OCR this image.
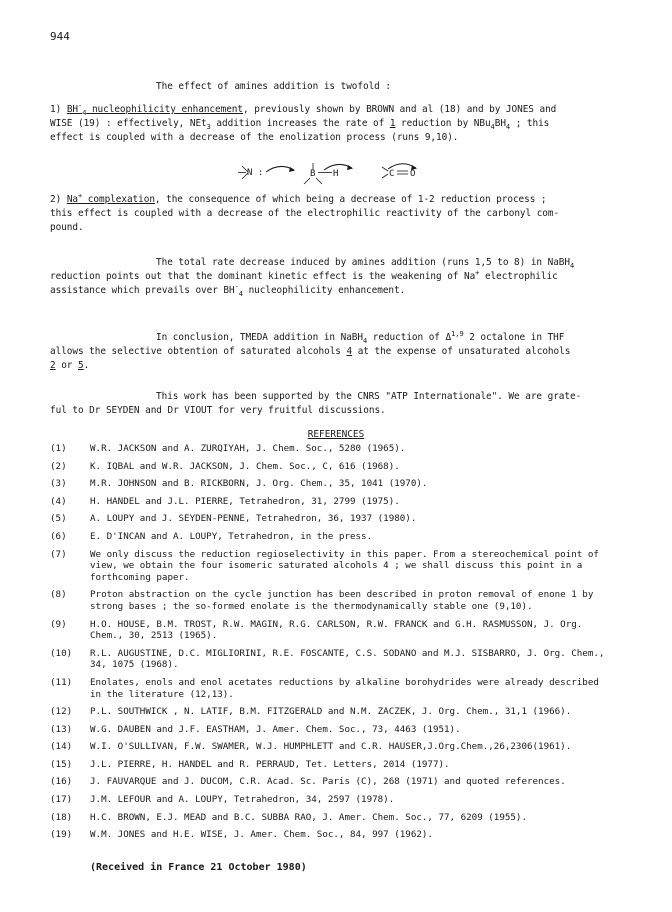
944

The effect of amines addition is twofold :

1) $BH^-_4$ nucleophilicity enhancement, previously shown by BROWN and al (18) and by JONES and
WISE (19) : effectively, NEt$_3$ addition increases the rate of 1 reduction by $NBu_4BH_4$ ; this
effect is coupled with a decrease of the enolization process (runs 9,10).
N :	B H	C O
2) Na+ complexation, the consequence of which being a decrease of 1-2 reduction process ;
this effect is coupled with a decrease of the electrophilic reactivity of the carbonyl com-
pound.
The total rate decrease induced by amines addition (runs 1,5 to 8) in NaBH$_4$
reduction points out that the dominant kinetic effect is the weakening of Na+ electrophilic
assistance which prevails over $BH^-_4$ nucleophilicity enhancement.
In conclusion, TMEDA addition in NaBH$_4$ reduction of Δ$^{1,9}$ 2 octalone in THF
allows the selective obtention of saturated alcohols 4 at the expense of unsaturated alcohols
2 or 5.
This work has been supported by the CNRS "ATP Internationale". We are grate-
ful to Dr SEYDEN and Dr VIOUT for very fruitful discussions.
REFERENCES
(1)	W.R. JACKSON and A. ZURQIYAH, J. Chem. Soc., 5280 (1965).
(2)	K. IQBAL and W.R. JACKSON, J. Chem. Soc., C, 616 (1968).
(3)	M.R. JOHNSON and B. RICKBORN, J. Org. Chem., 35, 1041 (1970).
(4)	H. HANDEL and J.L. PIERRE, Tetrahedron, 31, 2799 (1975).
(5)	A. LOUPY and J. SEYDEN-PENNE, Tetrahedron, 36, 1937 (1980).
(6)	E. D'INCAN and A. LOUPY, Tetrahedron, in the press.
(7)	We only discuss the reduction regioselectivity in this paper. From a stereochemical point of view, we obtain the four isomeric saturated alcohols 4 ; we shall discuss this point in a forthcoming paper.
(8)	Proton abstraction on the cycle junction has been described in proton removal of enone 1 by strong bases ; the so-formed enolate is the thermodynamically stable one (9,10).
(9)	H.O. HOUSE, B.M. TROST, R.W. MAGIN, R.G. CARLSON, R.W. FRANCK and G.H. RASMUSSON, J. Org. Chem., 30, 2513 (1965).
(10)	R.L. AUGUSTINE, D.C. MIGLIORINI, R.E. FOSCANTE, C.S. SODANO and M.J. SISBARRO, J. Org. Chem., 34, 1075 (1968).
(11)	Enolates, enols and enol acetates reductions by alkaline borohydrides were already described in the literature (12,13).
(12)	P.L. SOUTHWICK , N. LATIF, B.M. FITZGERALD and N.M. ZACZEK, J. Org. Chem., 31,1 (1966).
(13)	W.G. DAUBEN and J.F. EASTHAM, J. Amer. Chem. Soc., 73, 4463 (1951).
(14)	W.I. O'SULLIVAN, F.W. SWAMER, W.J. HUMPHLETT and C.R. HAUSER,J.Org.Chem.,26,2306(1961).
(15)	J.L. PIERRE, H. HANDEL and R. PERRAUD, Tet. Letters, 2014 (1977).
(16)	J. FAUVARQUE and J. DUCOM, C.R. Acad. Sc. Paris (C), 268 (1971) and quoted references.
(17)	J.M. LEFOUR and A. LOUPY, Tetrahedron, 34, 2597 (1978).
(18)	H.C. BROWN, E.J. MEAD and B.C. SUBBA RAO, J. Amer. Chem. Soc., 77, 6209 (1955).
(19)	W.M. JONES and H.E. WISE, J. Amer. Chem. Soc., 84, 997 (1962).
(Received in France 21 October 1980)
